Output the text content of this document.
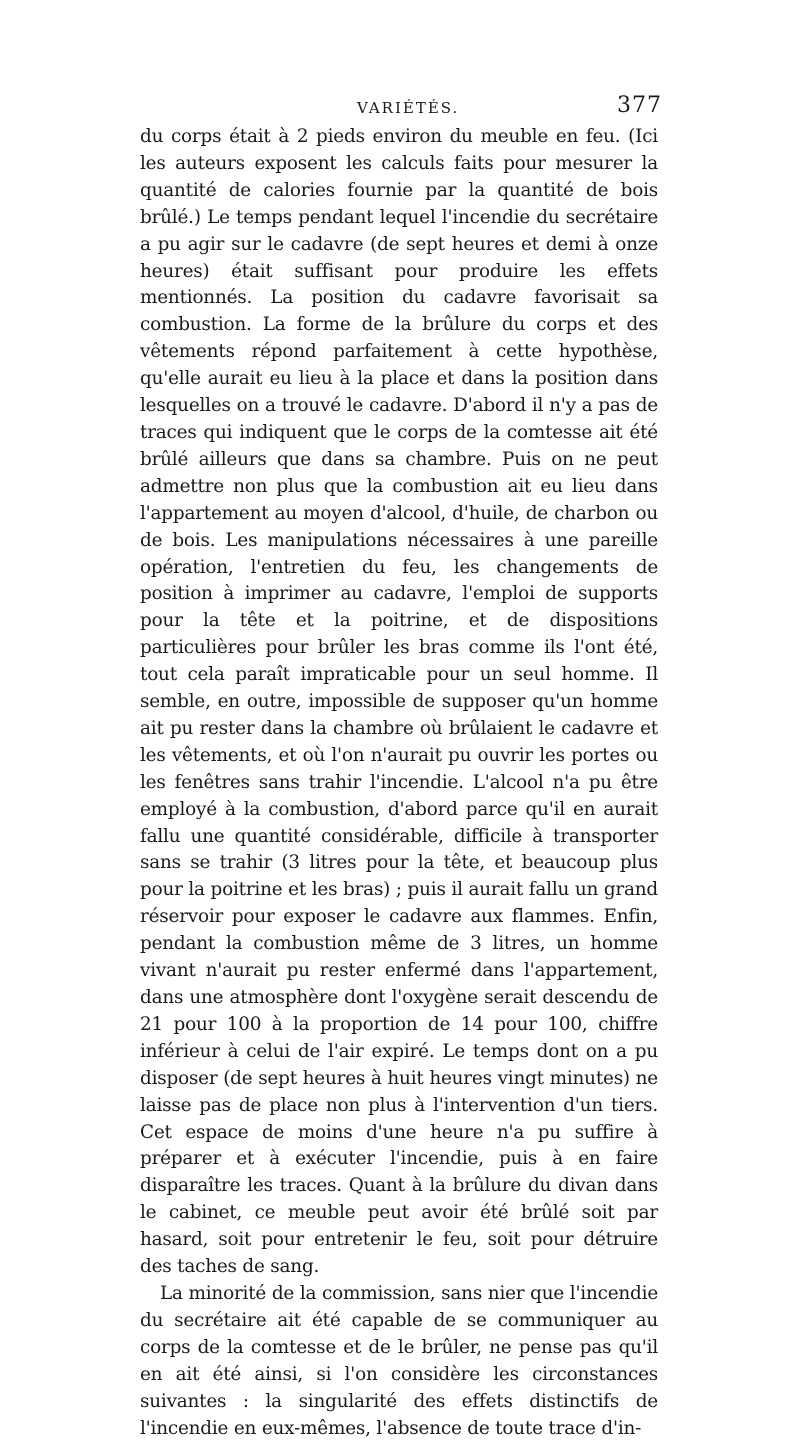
VARIÉTÉS.	377

du corps était à 2 pieds environ du meuble en feu. (Ici les auteurs exposent les calculs faits pour mesurer la quantité de calories fournie par la quantité de bois brûlé.) Le temps pendant lequel l'incendie du secrétaire a pu agir sur le cadavre (de sept heures et demi à onze heures) était suffisant pour produire les effets mentionnés. La position du cadavre favorisait sa combustion. La forme de la brûlure du corps et des vêtements répond parfaitement à cette hypothèse, qu'elle aurait eu lieu à la place et dans la position dans lesquelles on a trouvé le cadavre. D'abord il n'y a pas de traces qui indiquent que le corps de la comtesse ait été brûlé ailleurs que dans sa chambre. Puis on ne peut admettre non plus que la combustion ait eu lieu dans l'appartement au moyen d'alcool, d'huile, de charbon ou de bois. Les manipulations nécessaires à une pareille opération, l'entretien du feu, les changements de position à imprimer au cadavre, l'emploi de supports pour la tête et la poitrine, et de dispositions particulières pour brûler les bras comme ils l'ont été, tout cela paraît impraticable pour un seul homme. Il semble, en outre, impossible de supposer qu'un homme ait pu rester dans la chambre où brûlaient le cadavre et les vêtements, et où l'on n'aurait pu ouvrir les portes ou les fenêtres sans trahir l'incendie. L'alcool n'a pu être employé à la combustion, d'abord parce qu'il en aurait fallu une quantité considérable, difficile à transporter sans se trahir (3 litres pour la tête, et beaucoup plus pour la poitrine et les bras) ; puis il aurait fallu un grand réservoir pour exposer le cadavre aux flammes. Enfin, pendant la combustion même de 3 litres, un homme vivant n'aurait pu rester enfermé dans l'appartement, dans une atmosphère dont l'oxygène serait descendu de 21 pour 100 à la proportion de 14 pour 100, chiffre inférieur à celui de l'air expiré. Le temps dont on a pu disposer (de sept heures à huit heures vingt minutes) ne laisse pas de place non plus à l'intervention d'un tiers. Cet espace de moins d'une heure n'a pu suffire à préparer et à exécuter l'incendie, puis à en faire disparaître les traces. Quant à la brûlure du divan dans le cabinet, ce meuble peut avoir été brûlé soit par hasard, soit pour entretenir le feu, soit pour détruire des taches de sang.

La minorité de la commission, sans nier que l'incendie du secrétaire ait été capable de se communiquer au corps de la comtesse et de le brûler, ne pense pas qu'il en ait été ainsi, si l'on considère les circonstances suivantes : la singularité des effets distinctifs de l'incendie en eux-mêmes, l'absence de toute trace d'in-
